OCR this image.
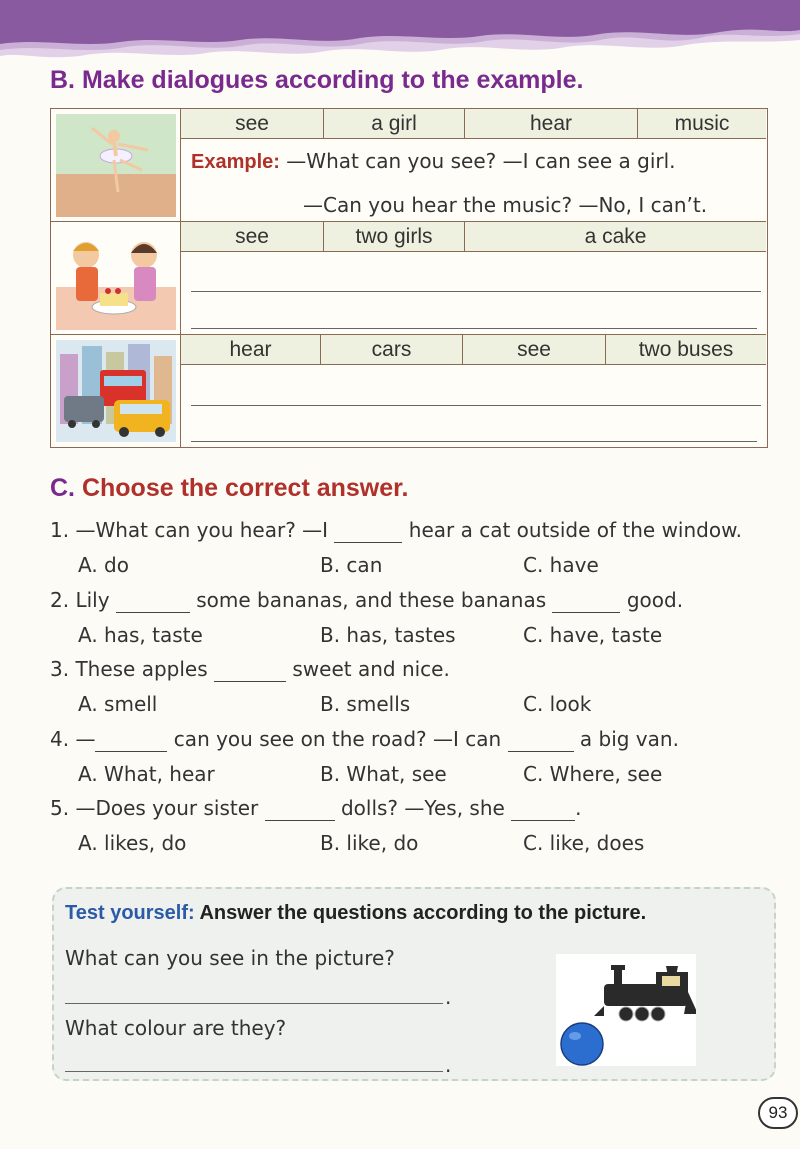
B. Make dialogues according to the example.
see	a girl	hear	music
Example: —What can you see? —I can see a girl.
—Can you hear the music? —No, I can’t.
see	two girls	a cake
hear	cars	see	two buses
C. Choose the correct answer.
1. —What can you hear? —I	hear a cat outside of the window.
A. do	B. can	C. have
2. Lily	some bananas, and these bananas	good.
A. has, taste	B. has, tastes	C. have, taste
3. These apples	sweet and nice.
A. smell	B. smells	C. look
4. —	can you see on the road? —I can	a big van.
A. What, hear	B. What, see	C. Where, see
5. —Does your sister	dolls? —Yes, she	.
A. likes, do	B. like, do	C. like, does
Test yourself: Answer the questions according to the picture.
What can you see in the picture?
.
What colour are they?
.
93
